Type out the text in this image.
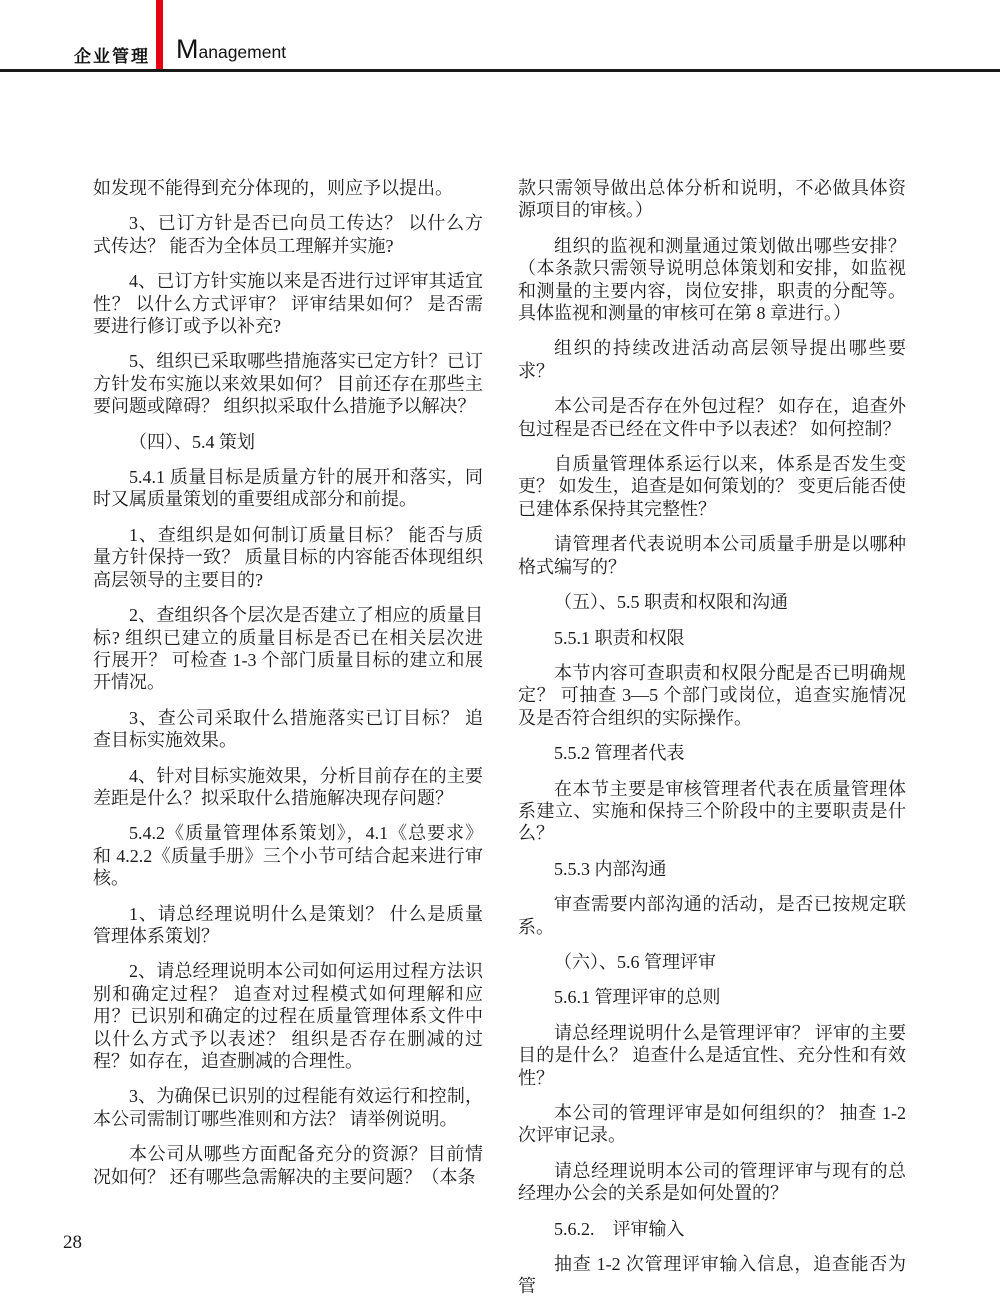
企业管理 Management

如发现不能得到充分体现的，则应予以提出。

3、已订方针是否已向员工传达？ 以什么方式传达？ 能否为全体员工理解并实施?

4、已订方针实施以来是否进行过评审其适宜性？ 以什么方式评审？ 评审结果如何？ 是否需要进行修订或予以补充?

5、组织已采取哪些措施落实已定方针？已订方针发布实施以来效果如何？ 目前还存在那些主要问题或障碍？ 组织拟采取什么措施予以解决？

（四）、5.4 策划

5.4.1 质量目标是质量方针的展开和落实，同时又属质量策划的重要组成部分和前提。

1、查组织是如何制订质量目标？ 能否与质量方针保持一致？ 质量目标的内容能否体现组织高层领导的主要目的?

2、查组织各个层次是否建立了相应的质量目标? 组织已建立的质量目标是否已在相关层次进行展开？ 可检查 1-3 个部门质量目标的建立和展开情况。

3、查公司采取什么措施落实已订目标？ 追查目标实施效果。

4、针对目标实施效果，分析目前存在的主要差距是什么？拟采取什么措施解决现存问题？

5.4.2《质量管理体系策划》，4.1《总要求》和 4.2.2《质量手册》三个小节可结合起来进行审核。

1、请总经理说明什么是策划？ 什么是质量管理体系策划？

2、请总经理说明本公司如何运用过程方法识别和确定过程？ 追查对过程模式如何理解和应用？已识别和确定的过程在质量管理体系文件中以什么方式予以表述？ 组织是否存在删减的过程？如存在，追查删减的合理性。

3、为确保已识别的过程能有效运行和控制，本公司需制订哪些准则和方法？ 请举例说明。

本公司从哪些方面配备充分的资源？目前情况如何？ 还有哪些急需解决的主要问题？（本条

款只需领导做出总体分析和说明，不必做具体资源项目的审核。）

组织的监视和测量通过策划做出哪些安排？（本条款只需领导说明总体策划和安排，如监视和测量的主要内容，岗位安排，职责的分配等。具体监视和测量的审核可在第 8 章进行。）

组织的持续改进活动高层领导提出哪些要求？

本公司是否存在外包过程？ 如存在，追查外包过程是否已经在文件中予以表述？ 如何控制？

自质量管理体系运行以来，体系是否发生变更？ 如发生，追查是如何策划的？ 变更后能否使已建体系保持其完整性？

请管理者代表说明本公司质量手册是以哪种格式编写的？

（五）、5.5 职责和权限和沟通

5.5.1 职责和权限

本节内容可查职责和权限分配是否已明确规定？ 可抽查 3—5 个部门或岗位，追查实施情况及是否符合组织的实际操作。

5.5.2 管理者代表

在本节主要是审核管理者代表在质量管理体系建立、实施和保持三个阶段中的主要职责是什么？

5.5.3 内部沟通

审查需要内部沟通的活动，是否已按规定联系。

（六）、5.6 管理评审

5.6.1 管理评审的总则

请总经理说明什么是管理评审？ 评审的主要目的是什么？ 追查什么是适宜性、充分性和有效性？

本公司的管理评审是如何组织的？ 抽查 1-2 次评审记录。

请总经理说明本公司的管理评审与现有的总经理办公会的关系是如何处置的？

5.6.2.　评审输入

抽查 1-2 次管理评审输入信息，追查能否为管

28
